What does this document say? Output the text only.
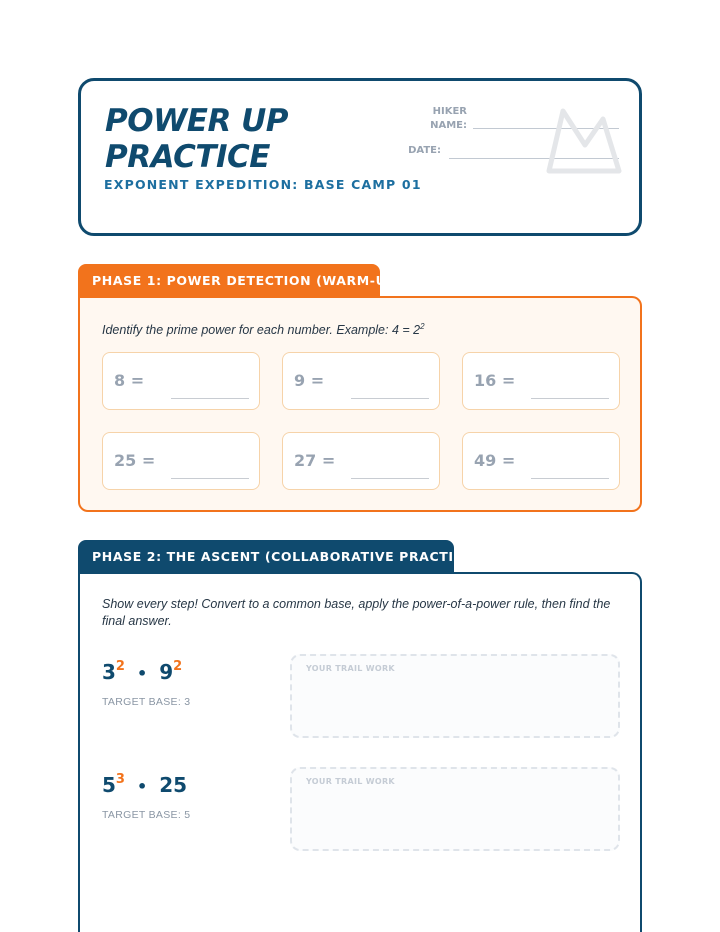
POWER UP PRACTICE
EXPONENT EXPEDITION: BASE CAMP 01
HIKER
NAME:
DATE:
PHASE 1: POWER DETECTION (WARM-UP)
Identify the prime power for each number. Example: $4 = 2^2$
8 =	9 =	16 =
25 =	27 =	49 =
PHASE 2: THE ASCENT (COLLABORATIVE PRACTICE)
Show every step! Convert to a common base, apply the power-of-a-power rule, then find the final answer.
$3^2$ • $9^2$
TARGET BASE: 3
YOUR TRAIL WORK
$5^3$ • 25
TARGET BASE: 5
YOUR TRAIL WORK
